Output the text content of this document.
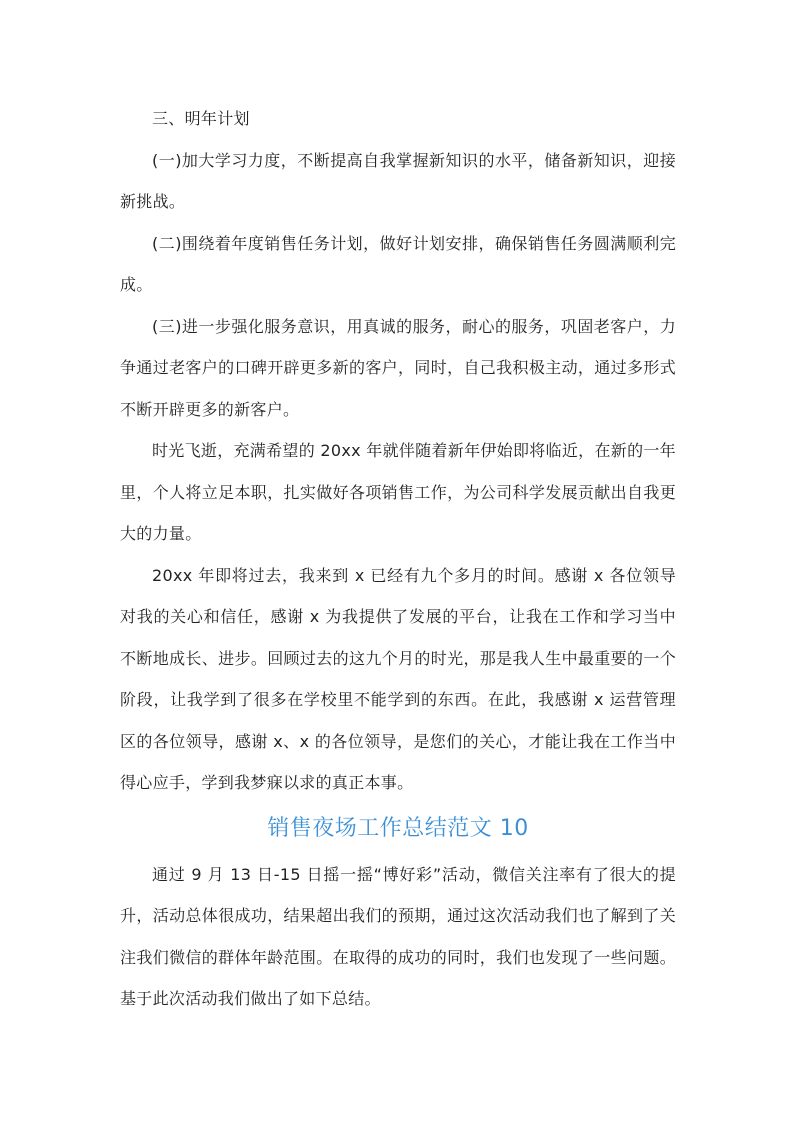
三、明年计划

(一)加大学习力度，不断提高自我掌握新知识的水平，储备新知识，迎接新挑战。

(二)围绕着年度销售任务计划，做好计划安排，确保销售任务圆满顺利完成。

(三)进一步强化服务意识，用真诚的服务，耐心的服务，巩固老客户，力争通过老客户的口碑开辟更多新的客户，同时，自己我积极主动，通过多形式不断开辟更多的新客户。

时光飞逝，充满希望的 20xx 年就伴随着新年伊始即将临近，在新的一年里，个人将立足本职，扎实做好各项销售工作，为公司科学发展贡献出自我更大的力量。

20xx 年即将过去，我来到 x 已经有九个多月的时间。感谢 x 各位领导对我的关心和信任，感谢 x 为我提供了发展的平台，让我在工作和学习当中不断地成长、进步。回顾过去的这九个月的时光，那是我人生中最重要的一个阶段，让我学到了很多在学校里不能学到的东西。在此，我感谢 x 运营管理区的各位领导，感谢 x、x 的各位领导，是您们的关心，才能让我在工作当中得心应手，学到我梦寐以求的真正本事。

销售夜场工作总结范文 10

通过 9 月 13 日-15 日摇一摇“博好彩”活动，微信关注率有了很大的提升，活动总体很成功，结果超出我们的预期，通过这次活动我们也了解到了关注我们微信的群体年龄范围。在取得的成功的同时，我们也发现了一些问题。基于此次活动我们做出了如下总结。
